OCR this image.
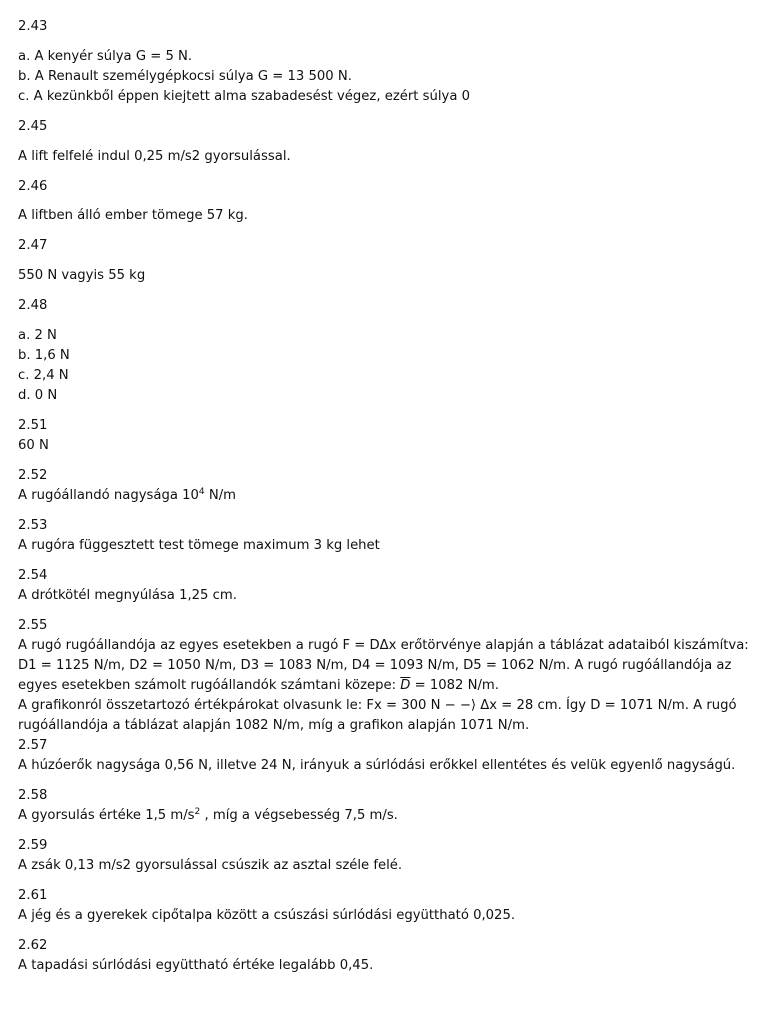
2.43
a. A kenyér súlya G = 5 N.
b. A Renault személygépkocsi súlya G = 13 500 N.
c. A kezünkből éppen kiejtett alma szabadesést végez, ezért súlya 0
2.45
A lift felfelé indul 0,25 m/s2 gyorsulással.
2.46
A liftben álló ember tömege 57 kg.
2.47
550 N vagyis 55 kg
2.48
a. 2 N
b. 1,6 N
c. 2,4 N
d. 0 N
2.51
60 N
2.52
A rugóállandó nagysága $10^4$ N/m
2.53
A rugóra függesztett test tömege maximum 3 kg lehet
2.54
A drótkötél megnyúlása 1,25 cm.
2.55
A rugó rugóállandója az egyes esetekben a rugó F = DΔx erőtörvénye alapján a táblázat adataiból kiszámítva:
D1 = 1125 N/m, D2 = 1050 N/m, D3 = 1083 N/m, D4 = 1093 N/m, D5 = 1062 N/m. A rugó rugóállandója az
egyes esetekben számolt rugóállandók számtani közepe: $\overline{D} = 1082$ N/m.
A grafikonról összetartozó értékpárokat olvasunk le: Fx = 300 N − −⟩ Δx = 28 cm. Így D = 1071 N/m. A rugó
rugóállandója a táblázat alapján 1082 N/m, míg a grafikon alapján 1071 N/m.
2.57
A húzóerők nagysága 0,56 N, illetve 24 N, irányuk a súrlódási erőkkel ellentétes és velük egyenlő nagyságú.
2.58
A gyorsulás értéke 1,5 $m/s^2$ , míg a végsebesség 7,5 m/s.
2.59
A zsák 0,13 m/s2 gyorsulással csúszik az asztal széle felé.
2.61
A jég és a gyerekek cipőtalpa között a csúszási súrlódási együttható 0,025.
2.62
A tapadási súrlódási együttható értéke legalább 0,45.
